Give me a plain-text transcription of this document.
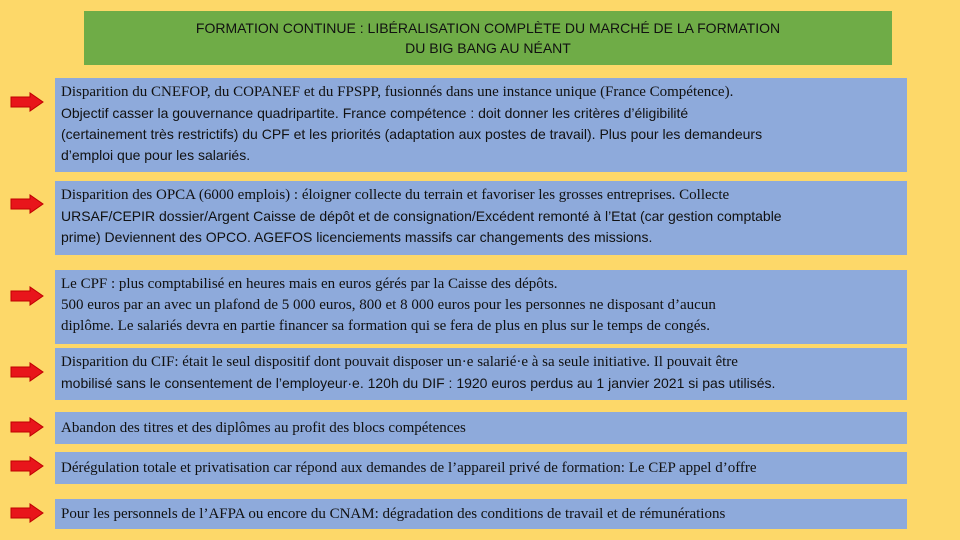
FORMATION CONTINUE : LIBÉRALISATION COMPLÈTE DU MARCHÉ DE LA FORMATION
DU BIG BANG AU NÉANT
Disparition du CNEFOP, du COPANEF et du FPSPP, fusionnés dans une instance unique (France Compétence).
Objectif casser la gouvernance quadripartite. France compétence : doit donner les critères d’éligibilité
(certainement très restrictifs) du CPF et les priorités (adaptation aux postes de travail). Plus pour les demandeurs
d’emploi que pour les salariés.
Disparition des OPCA (6000 emplois) : éloigner collecte du terrain et favoriser les grosses entreprises. Collecte
URSAF/CEPIR dossier/Argent Caisse de dépôt et de consignation/Excédent remonté à l’Etat (car gestion comptable
prime) Deviennent des OPCO. AGEFOS licenciements massifs car changements des missions.
Le CPF : plus comptabilisé en heures mais en euros gérés par la Caisse des dépôts.
500 euros par an avec un plafond de 5 000 euros, 800 et 8 000 euros pour les personnes ne disposant d’aucun
diplôme. Le salariés devra en partie financer sa formation qui se fera de plus en plus sur le temps de congés.
Disparition du CIF: était le seul dispositif dont pouvait disposer un·e salarié·e à sa seule initiative. Il pouvait être
mobilisé sans le consentement de l’employeur·e. 120h du DIF : 1920 euros perdus au 1 janvier 2021 si pas utilisés.
Abandon des titres et des diplômes au profit des blocs compétences
Dérégulation totale et privatisation car répond aux demandes de l’appareil privé de formation: Le CEP appel d’offre
Pour les personnels de l’AFPA ou encore du CNAM: dégradation des conditions de travail et de rémunérations
